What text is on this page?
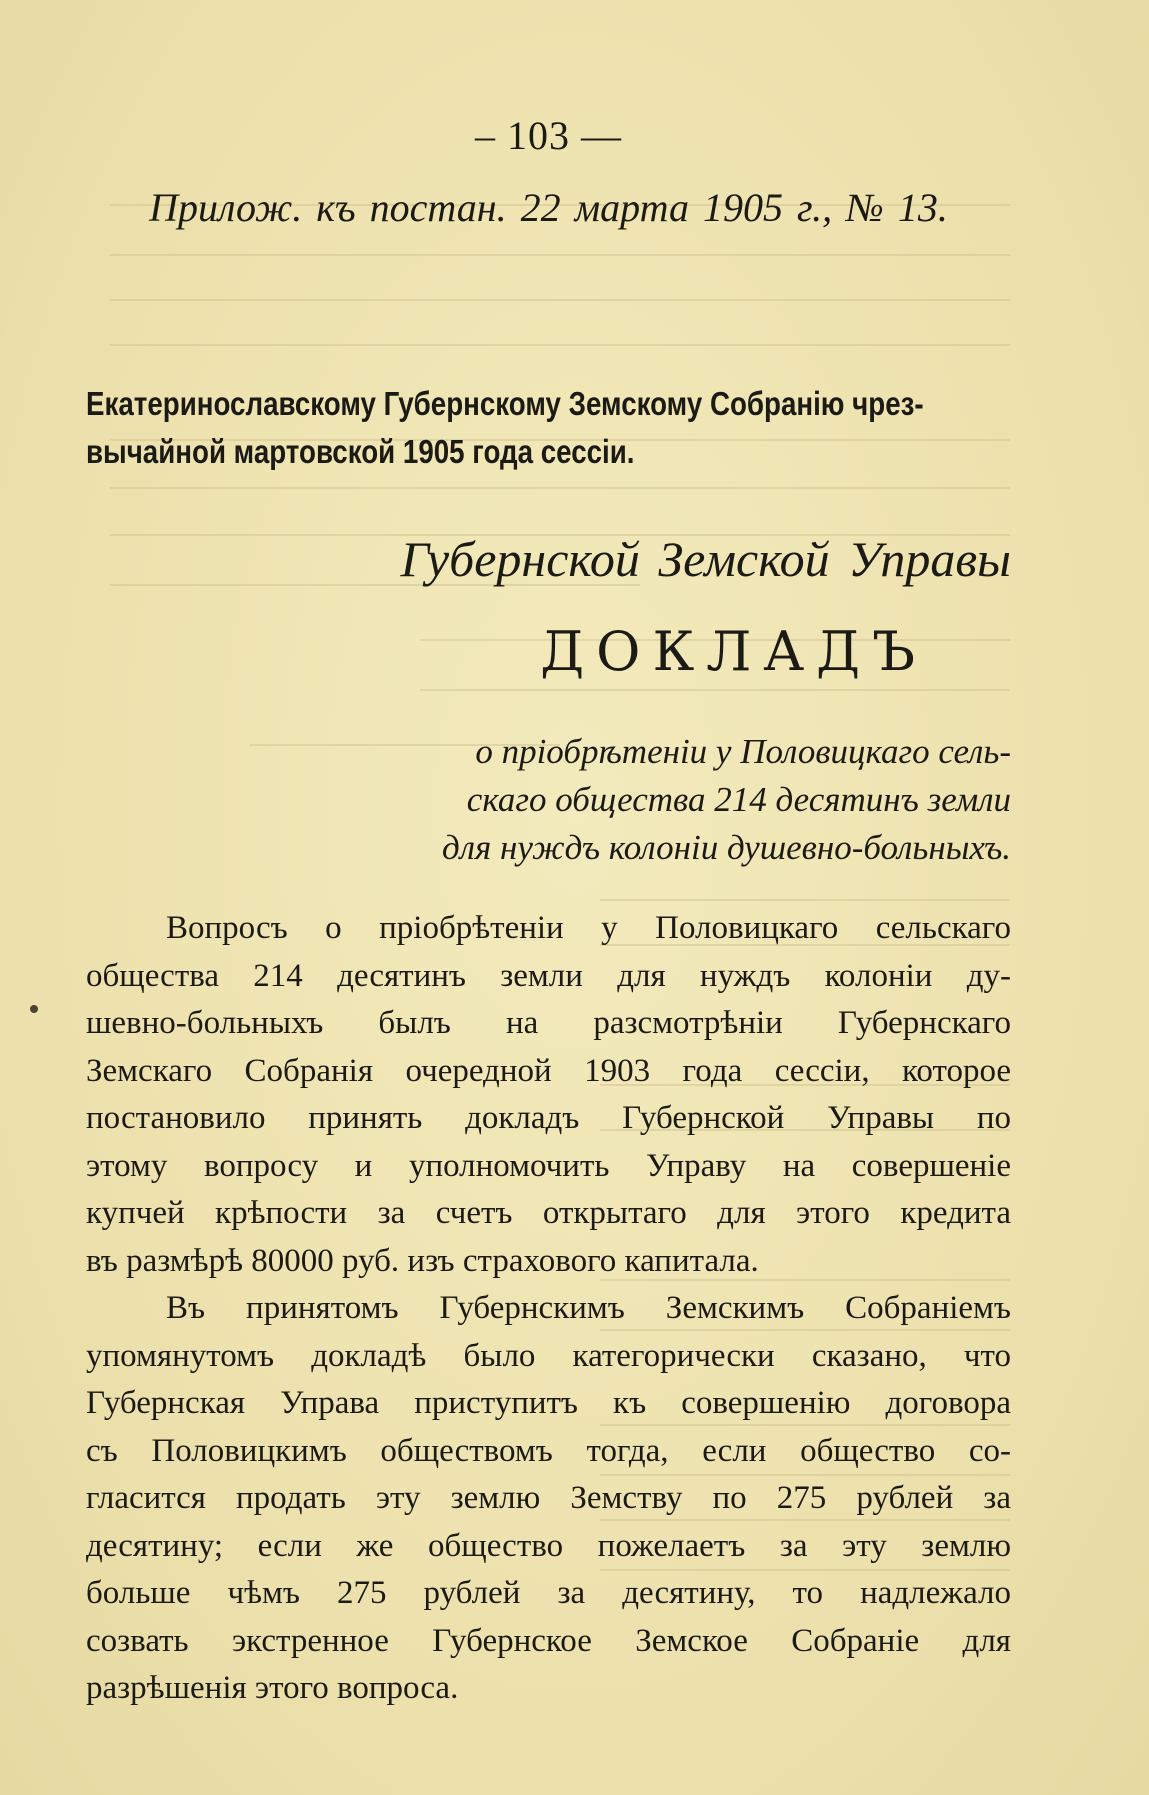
– 103 —
Прилож. къ постан. 22 марта 1905 г., № 13.
Екатеринославскому Губернскому Земскому Собранію чрез-
вычайной мартовской 1905 года сессіи.
Губернской Земской Управы
ДОКЛАДЪ
о пріобрѣтеніи у Половицкаго сель-
скаго общества 214 десятинъ земли
для нуждъ колоніи душевно-больныхъ.
Вопросъ о пріобрѣтеніи у Половицкаго сельскаго
общества 214 десятинъ земли для нуждъ колоніи ду-
шевно-больныхъ былъ на разсмотрѣніи Губернскаго
Земскаго Собранія очередной 1903 года сессіи, которое
постановило принять докладъ Губернской Управы по
этому вопросу и уполномочить Управу на совершеніе
купчей крѣпости за счетъ открытаго для этого кредита
въ размѣрѣ 80000 руб. изъ страхового капитала.
Въ принятомъ Губернскимъ Земскимъ Собраніемъ
упомянутомъ докладѣ было категорически сказано, что
Губернская Управа приступитъ къ совершенію договора
съ Половицкимъ обществомъ тогда, если общество со-
гласится продать эту землю Земству по 275 рублей за
десятину; если же общество пожелаетъ за эту землю
больше чѣмъ 275 рублей за десятину, то надлежало
созвать экстренное Губернское Земское Собраніе для
разрѣшенія этого вопроса.
